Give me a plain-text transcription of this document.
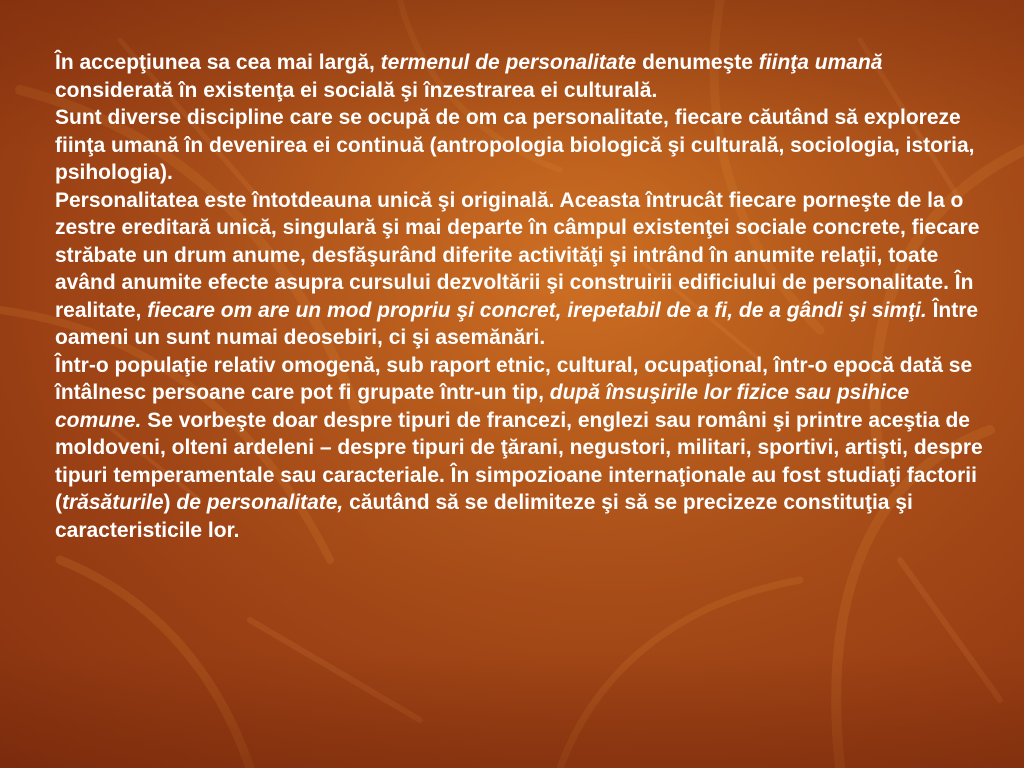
În accepţiunea sa cea mai largă, termenul de personalitate denumeşte fiinţa umană considerată în existenţa ei socială şi înzestrarea ei culturală.

Sunt diverse discipline care se ocupă de om ca personalitate, fiecare căutând să exploreze fiinţa umană în devenirea ei continuă (antropologia biologică şi culturală, sociologia, istoria, psihologia).

Personalitatea este întotdeauna unică şi originală. Aceasta întrucât fiecare porneşte de la o zestre ereditară unică, singulară şi mai departe în câmpul existenţei sociale concrete, fiecare străbate un drum anume, desfăşurând diferite activităţi şi intrând în anumite relaţii, toate având anumite efecte asupra cursului dezvoltării şi construirii edificiului de personalitate. În realitate, fiecare om are un mod propriu şi concret, irepetabil de a fi, de a gândi şi simţi. Între oameni un sunt numai deosebiri, ci şi asemănări.

Într-o populaţie relativ omogenă, sub raport etnic, cultural, ocupaţional, într-o epocă dată se întâlnesc persoane care pot fi grupate într-un tip, după însuşirile lor fizice sau psihice comune. Se vorbeşte doar despre tipuri de francezi, englezi sau români şi printre aceştia de moldoveni, olteni ardeleni – despre tipuri de ţărani, negustori, militari, sportivi, artişti, despre tipuri temperamentale sau caracteriale. În simpozioane internaţionale au fost studiaţi factorii (trăsăturile) de personalitate, căutând să se delimiteze şi să se precizeze constituţia şi caracteristicile lor.
